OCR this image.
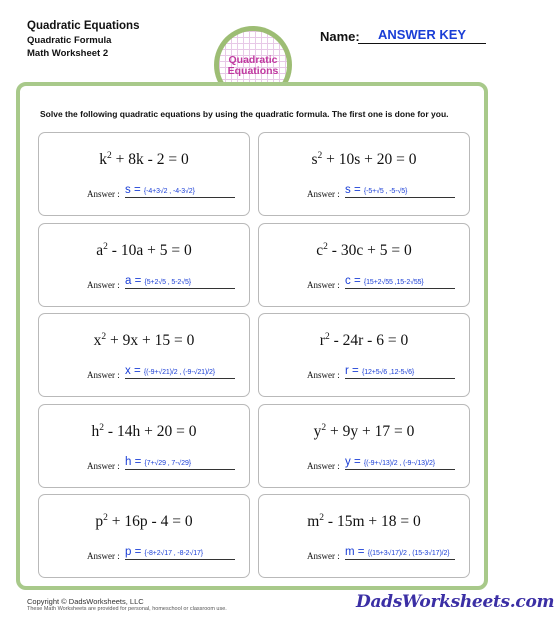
Quadratic Equations
Quadratic Formula
Math Worksheet 2
Quadratic
Equations
Name:	ANSWER KEY
Solve the following quadratic equations by using the quadratic formula. The first one is done for you.
$k^2 + 8k - 2 = 0$
Answer : s = {-4+3√2 , -4-3√2}
$s^2 + 10s + 20 = 0$
Answer : s = {-5+√5 , -5-√5}
$a^2 - 10a + 5 = 0$
Answer : a = {5+2√5 , 5-2√5}
$c^2 - 30c + 5 = 0$
Answer : c = {15+2√55 ,15-2√55}
$x^2 + 9x + 15 = 0$
Answer : x = {(-9+√21)/2 , (-9-√21)/2}
$r^2 - 24r - 6 = 0$
Answer : r = {12+5√6 ,12-5√6}
$h^2 - 14h + 20 = 0$
Answer : h = {7+√29 , 7-√29}
$y^2 + 9y + 17 = 0$
Answer : y = {(-9+√13)/2 , (-9-√13)/2}
$p^2 + 16p - 4 = 0$
Answer : p = {-8+2√17 , -8-2√17}
$m^2 - 15m + 18 = 0$
Answer : m = {(15+3√17)/2 , (15-3√17)/2}
Copyright © DadsWorksheets, LLC
These Math Worksheets are provided for personal, homeschool or classroom use.	DadsWorksheets.com
